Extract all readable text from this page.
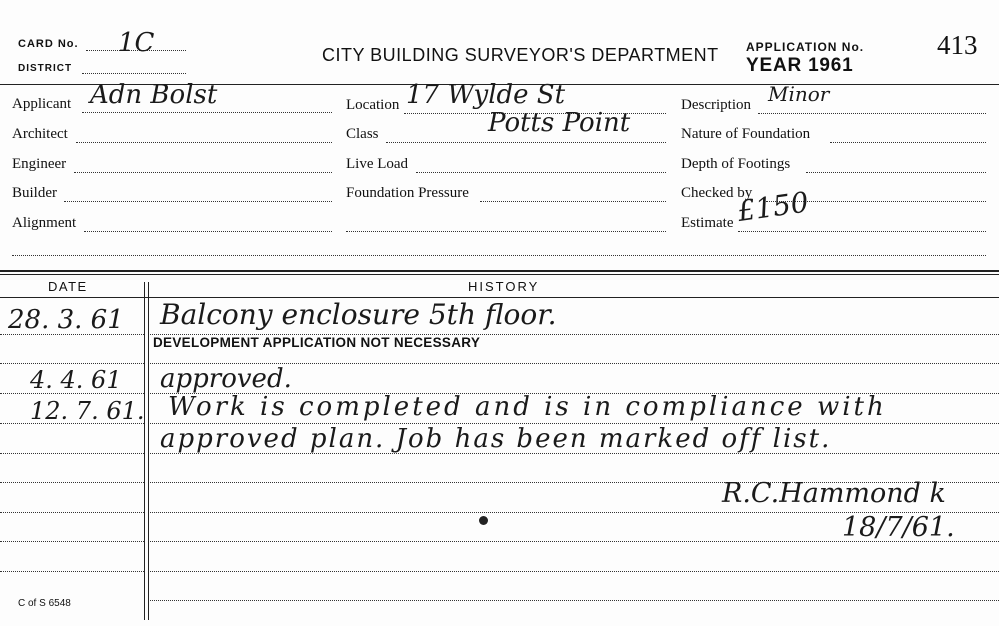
CARD No. 1C
DISTRICT
CITY BUILDING SURVEYOR'S DEPARTMENT APPLICATION No.
YEAR 1961
413
Applicant Adn Bolst
Architect
Engineer
Builder
Alignment
Location 17 Wylde St
Class	Potts Point
Live Load
Foundation Pressure
Description Minor
Nature of Foundation
Depth of Footings
Checked by
Estimate £150
DATE	HISTORY
28. 3. 61 Balcony enclosure 5th floor.
DEVELOPMENT APPLICATION NOT NECESSARY
4. 4. 61 approved.
12. 7. 61. Work is completed and is in compliance with
approved plan. Job has been marked off list.
R.C.Hammond k
18/7/61.
C of S 6548
